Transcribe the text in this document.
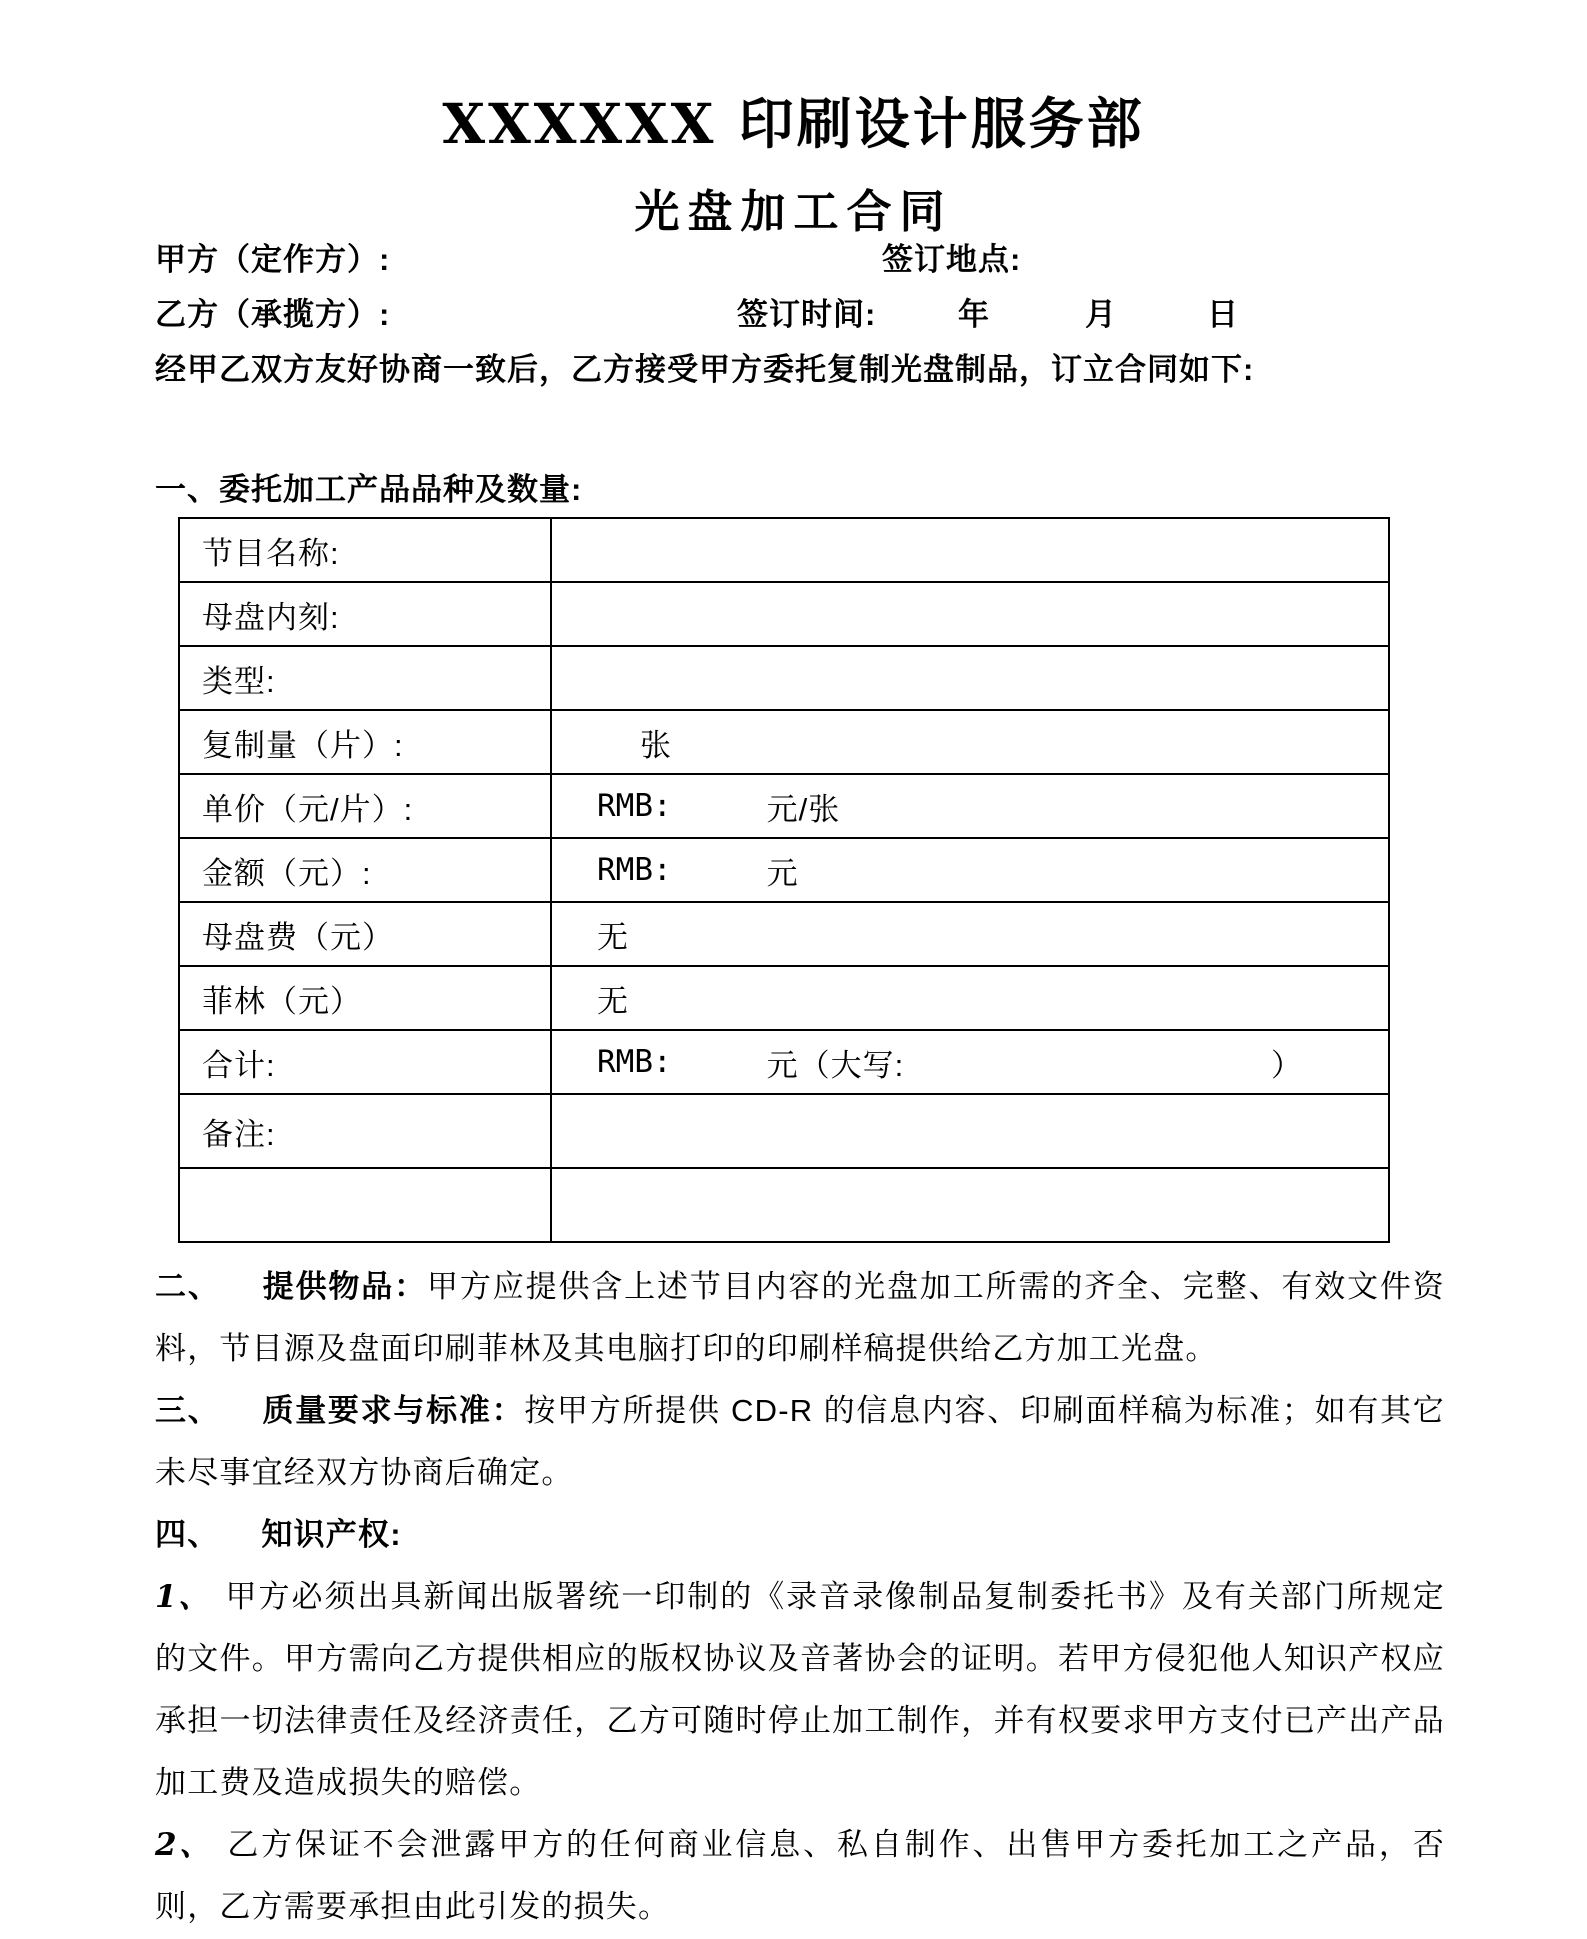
XXXXXX 印刷设计服务部
光盘加工合同
甲方（定作方）:	签订地点:
乙方（承揽方）:	签订时间:	年	月	日
经甲乙双方友好协商一致后，乙方接受甲方委托复制光盘制品，订立合同如下:
一、委托加工产品品种及数量:
节目名称:	
母盘内刻:	
类型:	
复制量（片）:	张
单价（元/片）:	RMB: 元/张

金额（元）:	RMB: 元

母盘费（元）	无
菲林（元）	无
合计:	RMB: 元（大写: ）

备注:	

二、 提供物品：甲方应提供含上述节目内容的光盘加工所需的齐全、完整、有效文件资料，节目源及盘面印刷菲林及其电脑打印的印刷样稿提供给乙方加工光盘。

三、 质量要求与标准：按甲方所提供 CD-R 的信息内容、印刷面样稿为标准；如有其它未尽事宜经双方协商后确定。

四、 知识产权:

1、 甲方必须出具新闻出版署统一印制的《录音录像制品复制委托书》及有关部门所规定的文件。甲方需向乙方提供相应的版权协议及音著协会的证明。若甲方侵犯他人知识产权应承担一切法律责任及经济责任，乙方可随时停止加工制作，并有权要求甲方支付已产出产品加工费及造成损失的赔偿。

2、 乙方保证不会泄露甲方的任何商业信息、私自制作、出售甲方委托加工之产品，否则，乙方需要承担由此引发的损失。
